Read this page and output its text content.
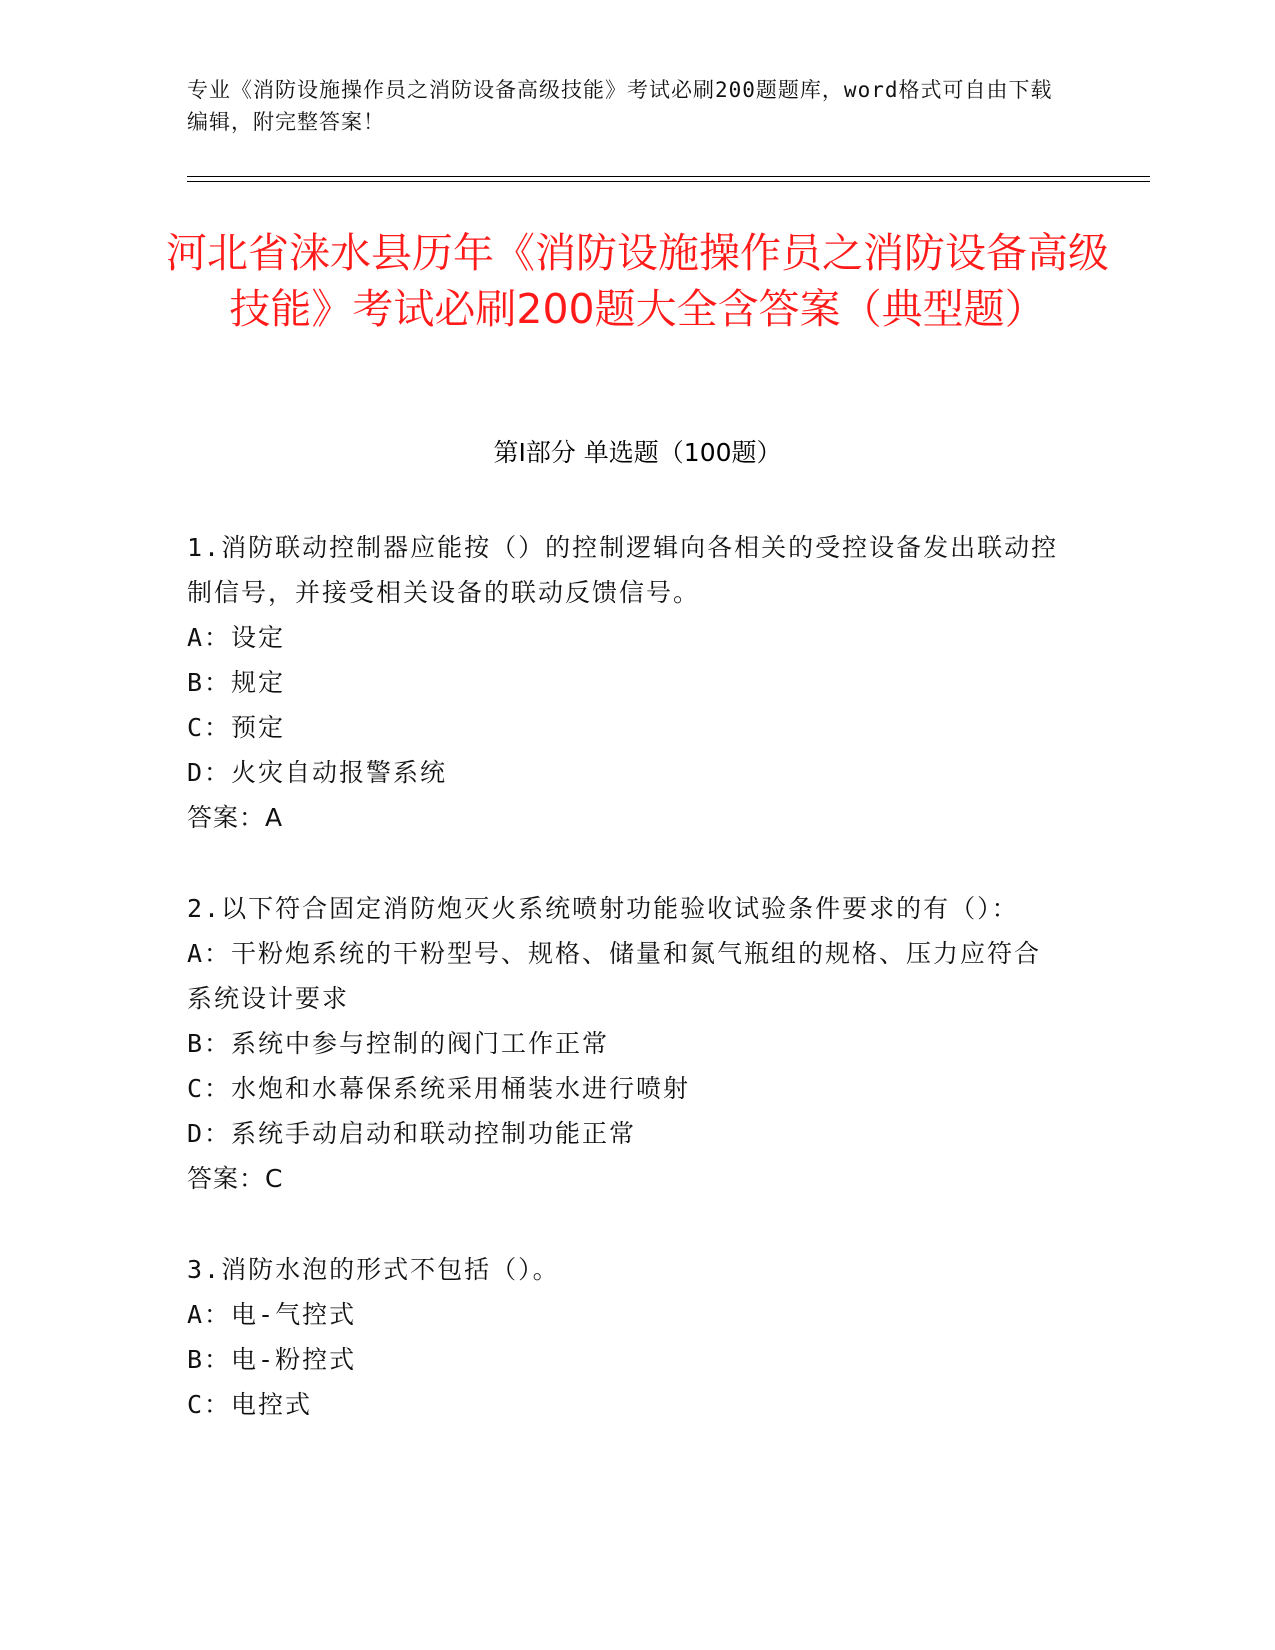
专业《消防设施操作员之消防设备高级技能》考试必刷200题题库，word格式可自由下载编辑，附完整答案！
河北省涞水县历年《消防设施操作员之消防设备高级技能》考试必刷200题大全含答案（典型题）
第I部分 单选题（100题）
1.消防联动控制器应能按（）的控制逻辑向各相关的受控设备发出联动控制信号，并接受相关设备的联动反馈信号。
A：设定
B：规定
C：预定
D：火灾自动报警系统
答案：A
2.以下符合固定消防炮灭火系统喷射功能验收试验条件要求的有（）：
A：干粉炮系统的干粉型号、规格、储量和氮气瓶组的规格、压力应符合系统设计要求
B：系统中参与控制的阀门工作正常
C：水炮和水幕保系统采用桶装水进行喷射
D：系统手动启动和联动控制功能正常
答案：C
3.消防水泡的形式不包括（）。
A：电-气控式
B：电-粉控式
C：电控式
